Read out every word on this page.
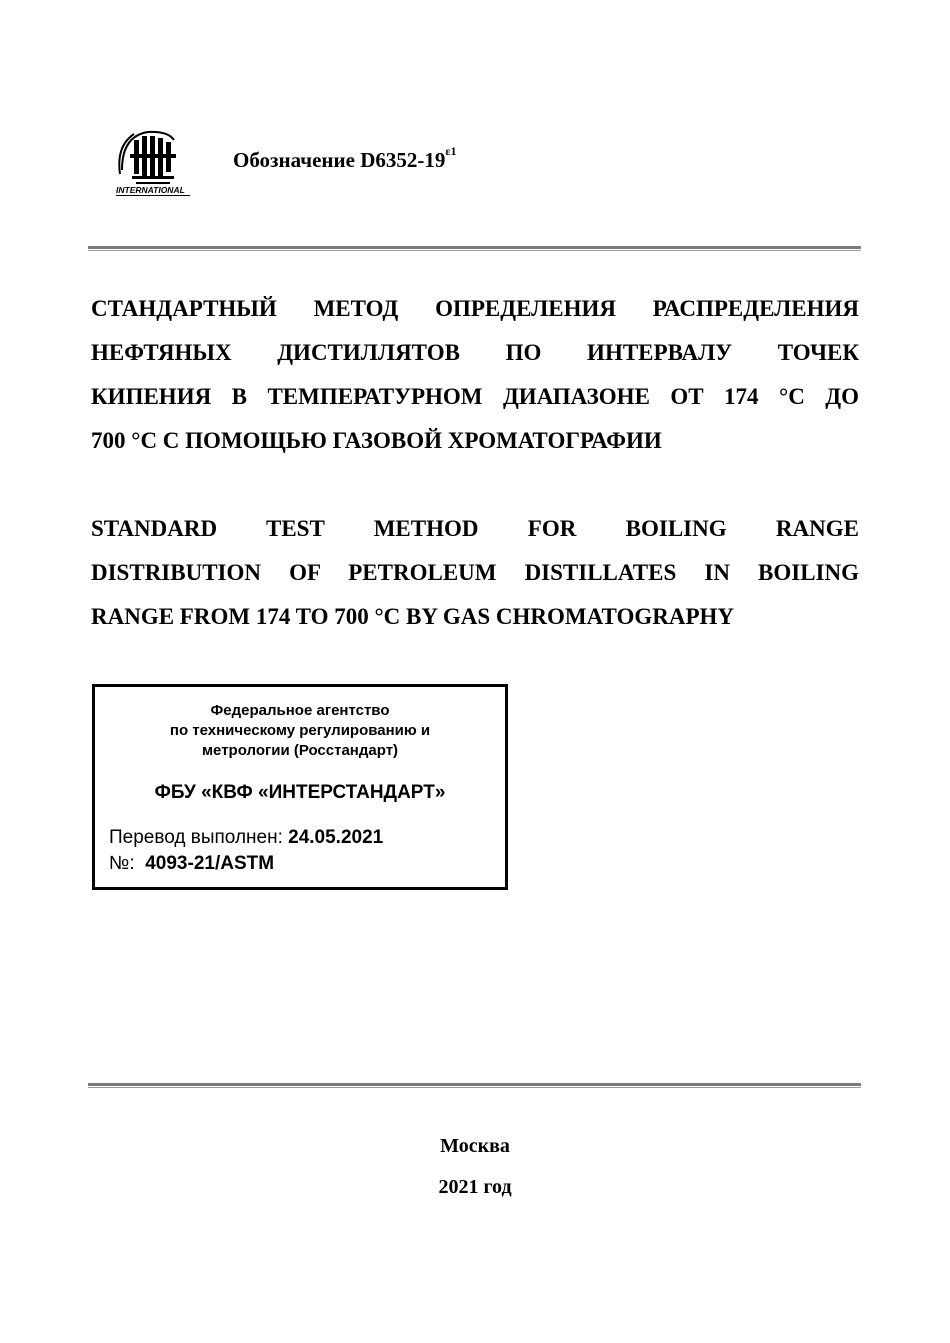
INTERNATIONAL
Обозначение $D6352-19^{\varepsilon 1}$
СТАНДАРТНЫЙ МЕТОД ОПРЕДЕЛЕНИЯ РАСПРЕДЕЛЕНИЯ
НЕФТЯНЫХ ДИСТИЛЛЯТОВ ПО ИНТЕРВАЛУ ТОЧЕК
КИПЕНИЯ В ТЕМПЕРАТУРНОМ ДИАПАЗОНЕ ОТ 174 °С ДО
700 °С С ПОМОЩЬЮ ГАЗОВОЙ ХРОМАТОГРАФИИ
STANDARD TEST METHOD FOR BOILING RANGE
DISTRIBUTION OF PETROLEUM DISTILLATES IN BOILING
RANGE FROM 174 TO 700 °C BY GAS CHROMATOGRAPHY
Федеральное агентство
по техническому регулированию и
метрологии (Росстандарт)
ФБУ «КВФ «ИНТЕРСТАНДАРТ»
Перевод выполнен: 24.05.2021
№: 4093-21/ASTM
Москва
2021 год
